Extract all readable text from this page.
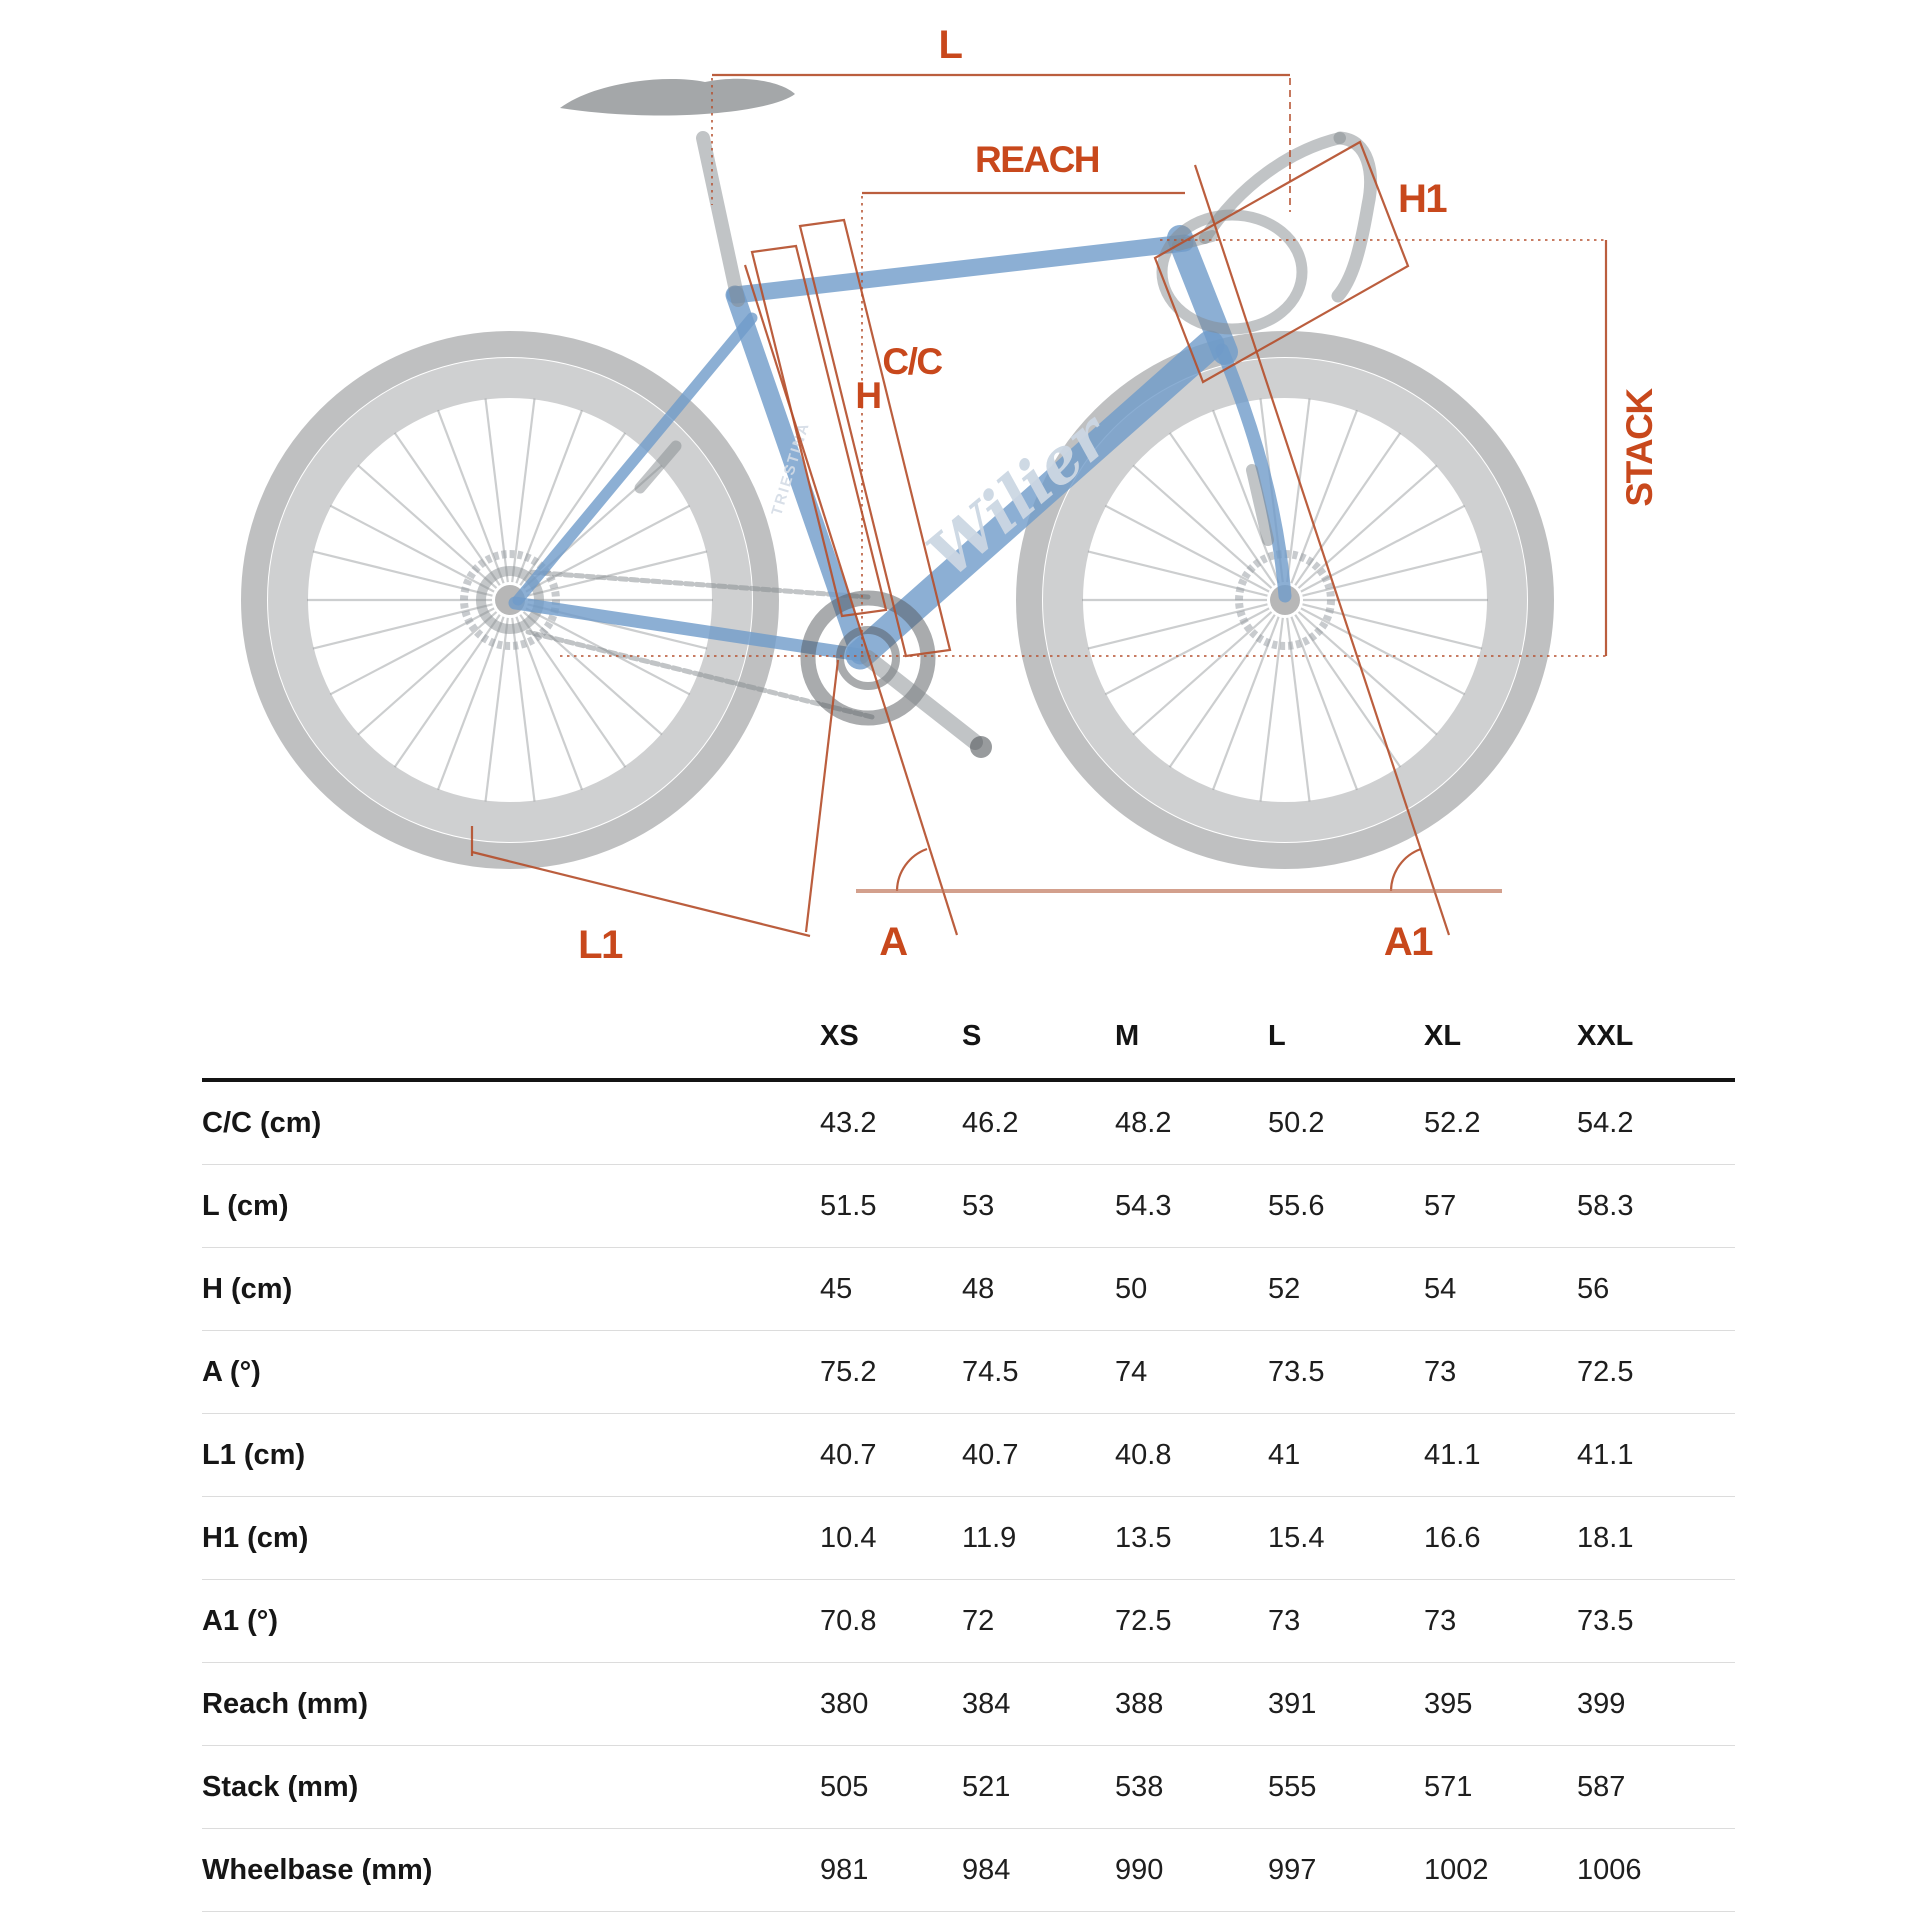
Wilier
TRIESTINA
L
REACH
H1
STACK
C/C
H
A	A1
L1
XS	S	M	L	XL	XXL
C/C (cm)	43.2	46.2	48.2	50.2	52.2	54.2
L (cm)	51.5	53	54.3	55.6	57	58.3
H (cm)	45	48	50	52	54	56
A (°)	75.2	74.5	74	73.5	73	72.5
L1 (cm)	40.7	40.7	40.8	41	41.1	41.1
H1 (cm)	10.4	11.9	13.5	15.4	16.6	18.1
A1 (°)	70.8	72	72.5	73	73	73.5
Reach (mm)	380	384	388	391	395	399
Stack (mm)	505	521	538	555	571	587
Wheelbase (mm)	981	984	990	997	1002	1006
